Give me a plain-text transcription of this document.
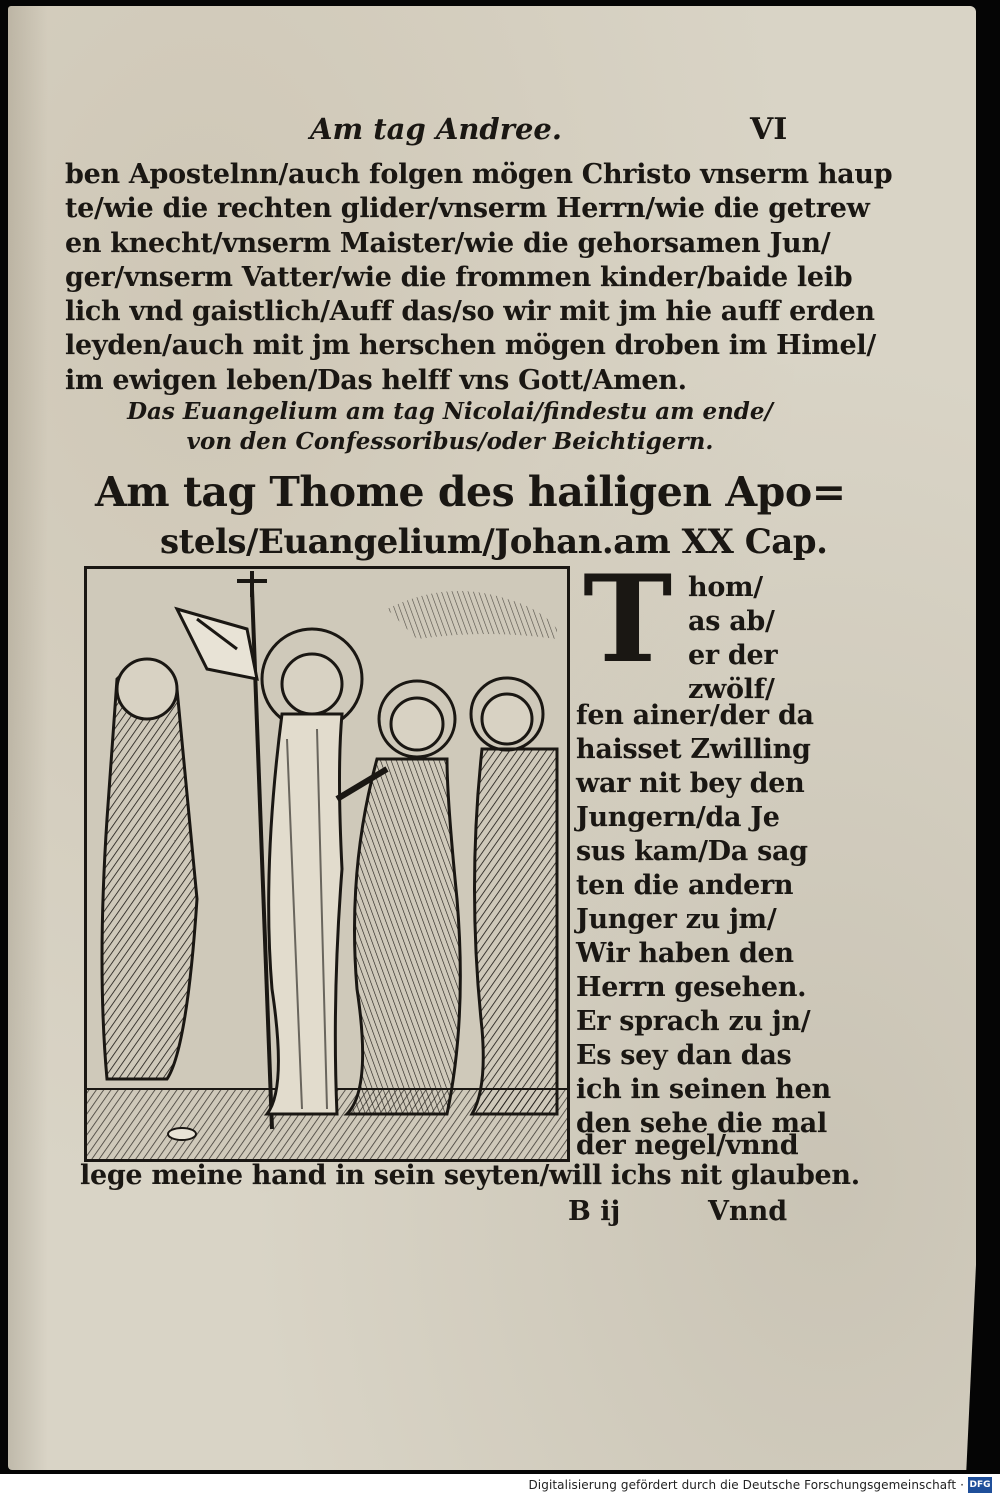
Am tag Andree.	VI
ben Apostelnn/auch folgen mögen Christo vnserm haup
te/wie die rechten glider/vnserm Herrn/wie die getrew
en knecht/vnserm Maister/wie die gehorsamen Jun/
ger/vnserm Vatter/wie die frommen kinder/baide leib
lich vnd gaistlich/Auff das/so wir mit jm hie auff erden
leyden/auch mit jm herschen mögen droben im Himel/
im ewigen leben/Das helff vns Gott/Amen.
Das Euangelium am tag Nicolai/findestu am ende/
von den Confessoribus/oder Beichtigern.
Am tag Thome des hailigen Apo=
stels/Euangelium/Johan.am XX Cap.
T hom/
as ab/
er der
zwölf/
fen ainer/der da
haisset Zwilling
war nit bey den
Jungern/da Je
sus kam/Da sag
ten die andern
Junger zu jm/
Wir haben den
Herrn gesehen.
Er sprach zu jn/
Es sey dan das
ich in seinen hen
den sehe die mal
der negel/vnnd
lege meine hand in sein seyten/will ichs nit glauben.
B ij	Vnnd
Digitalisierung gefördert durch die Deutsche Forschungsgemeinschaft · DFG
